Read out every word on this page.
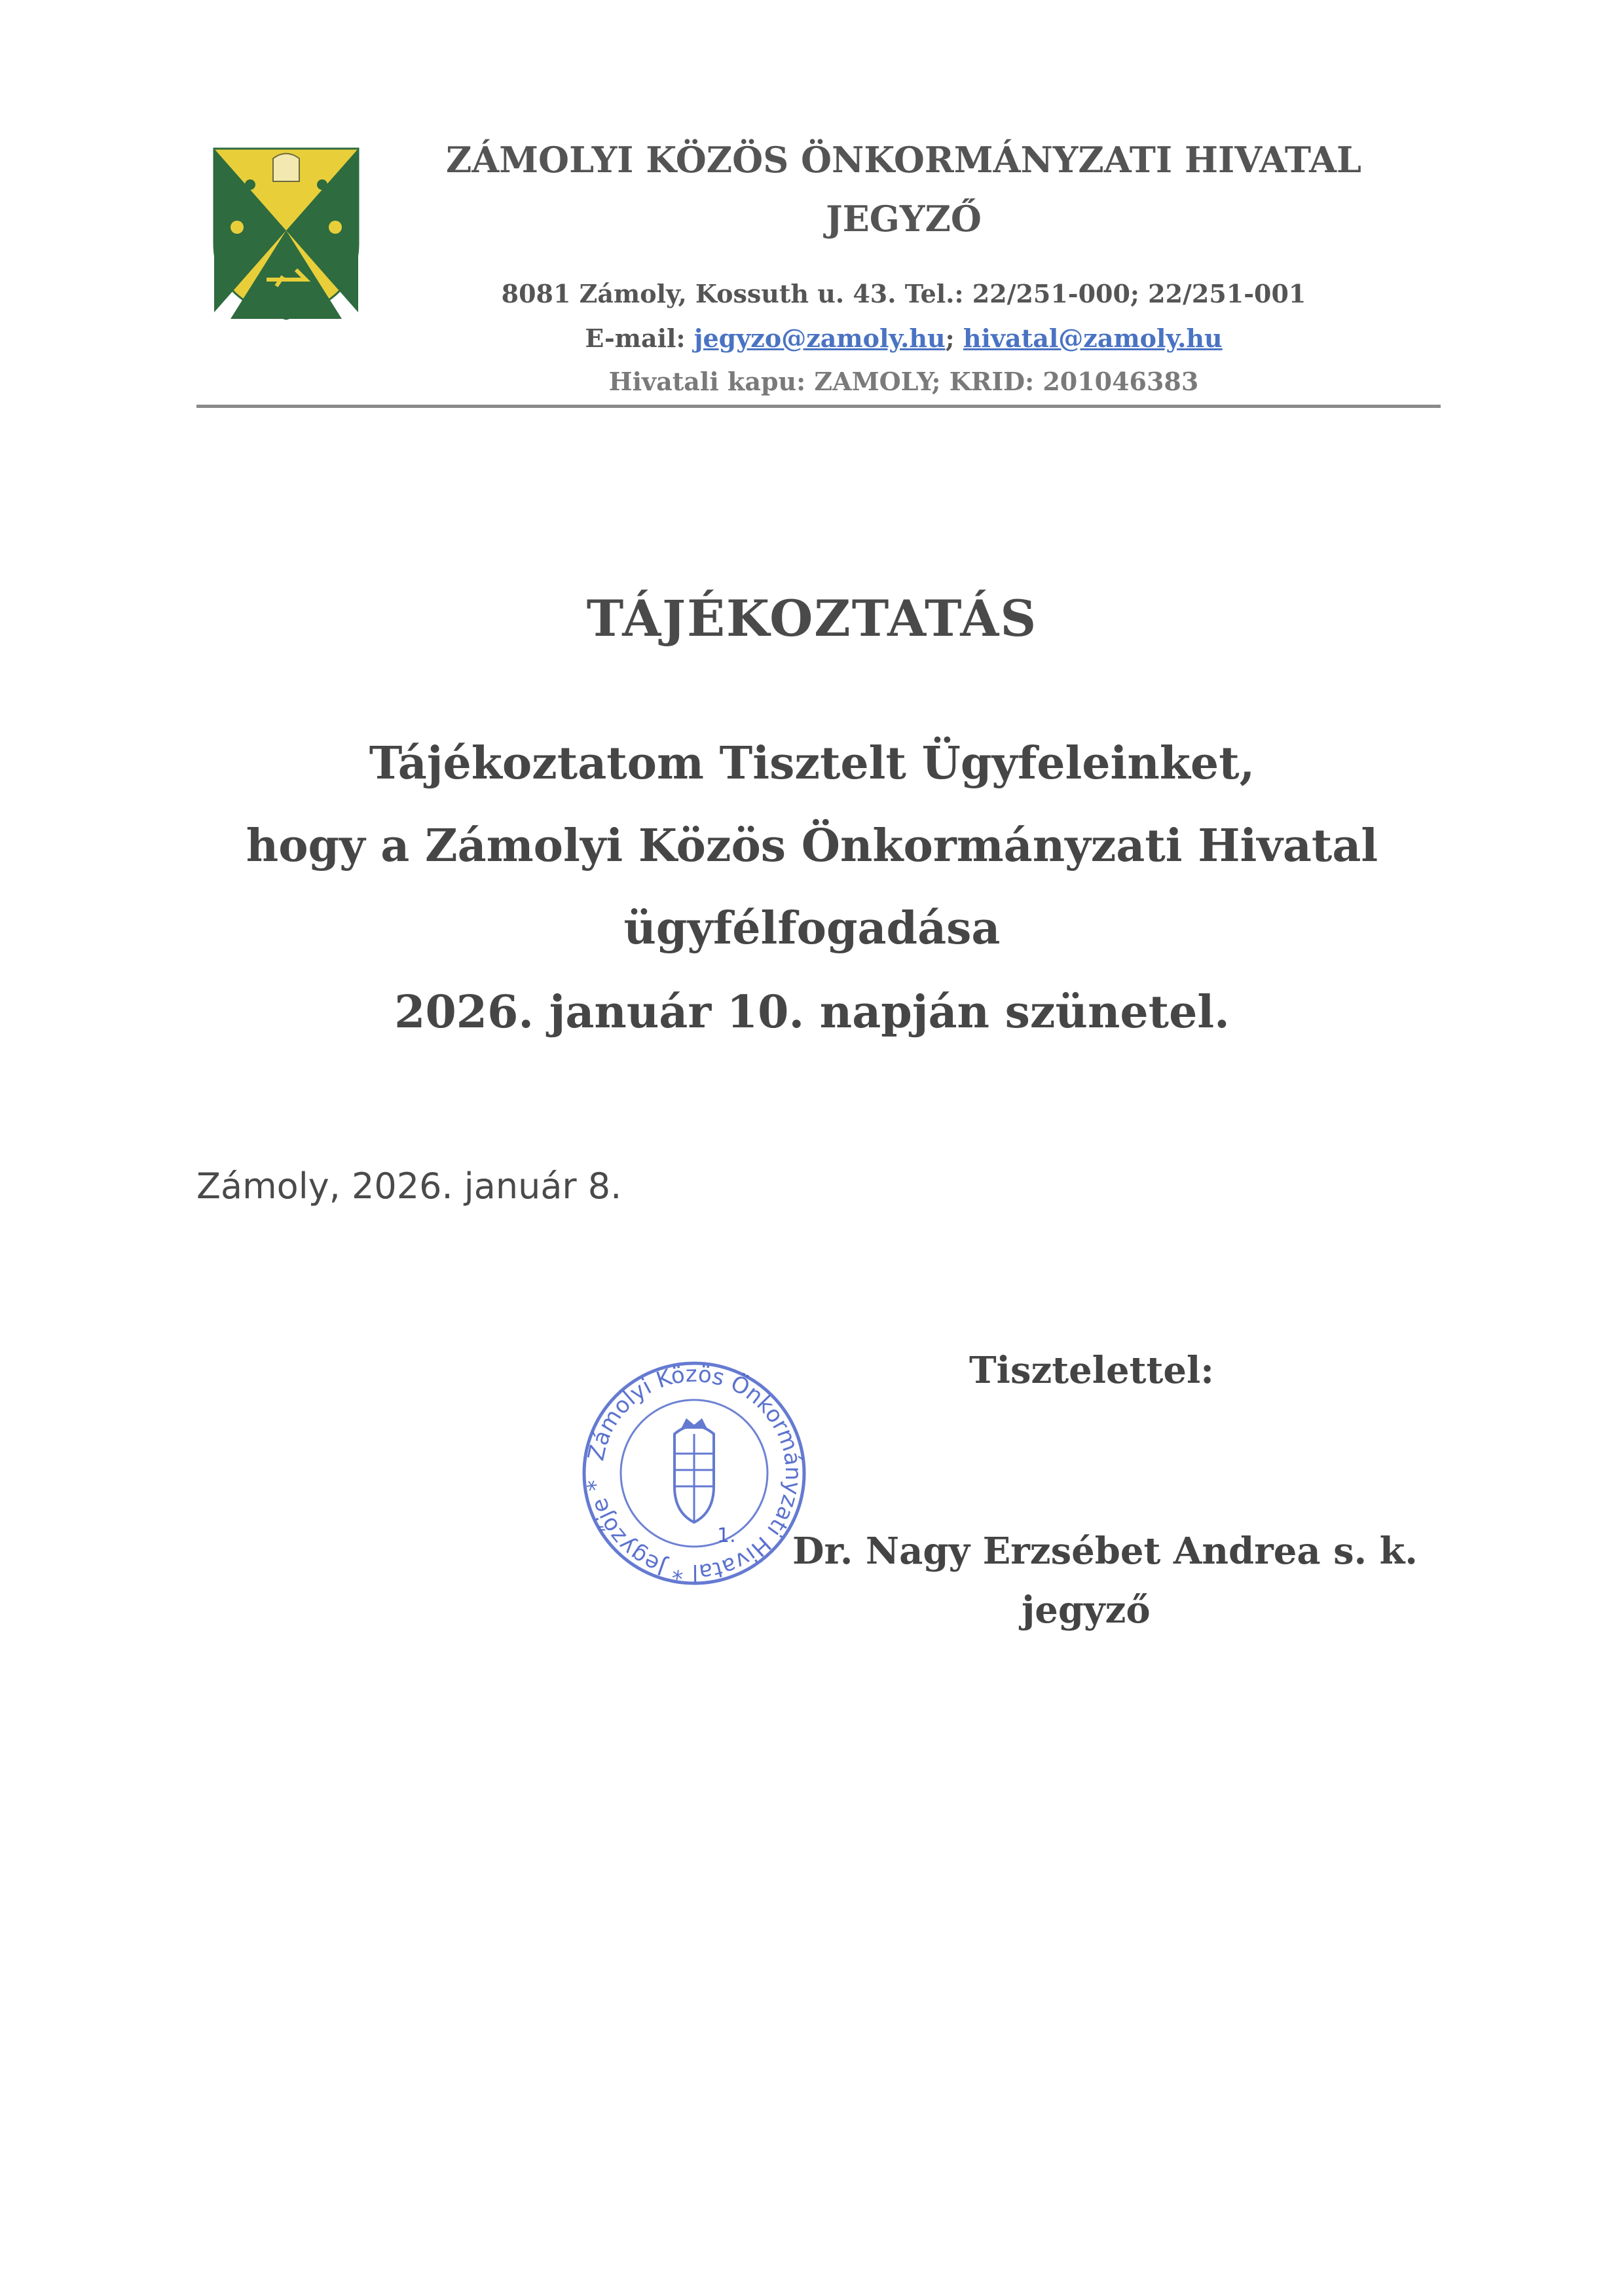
ZÁMOLYI KÖZÖS ÖNKORMÁNYZATI HIVATAL
JEGYZŐ
8081 Zámoly, Kossuth u. 43. Tel.: 22/251-000; 22/251-001
E-mail: jegyzo@zamoly.hu; hivatal@zamoly.hu
Hivatali kapu: ZAMOLY; KRID: 201046383
TÁJÉKOZTATÁS
Tájékoztatom Tisztelt Ügyfeleinket,
hogy a Zámolyi Közös Önkormányzati Hivatal
ügyfélfogadása
2026. január 10. napján szünetel.
Zámoly, 2026. január 8.
Tisztelettel:
Zámolyi Közös Önkormányzati Hivatal * Jegyzője *
1. Dr. Nagy Erzsébet Andrea s. k.
jegyző
